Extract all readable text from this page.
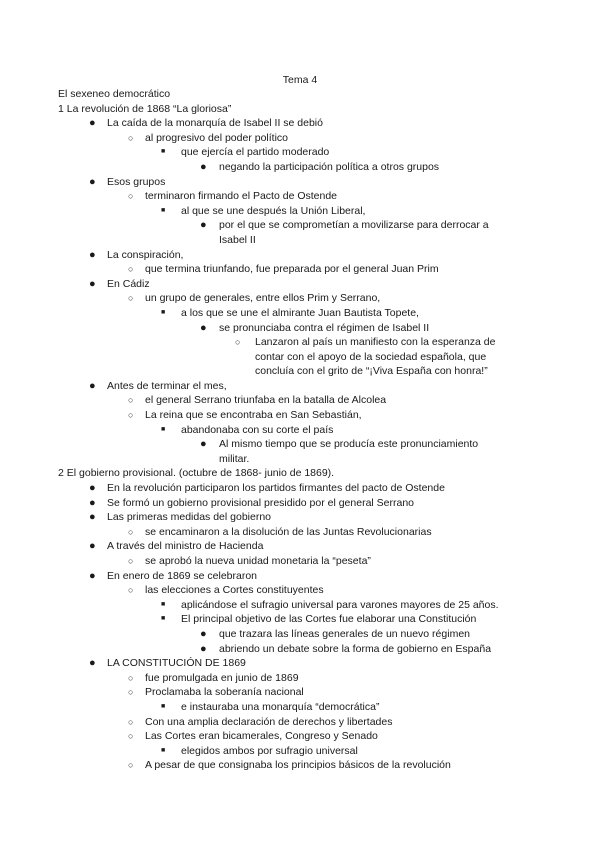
Tema 4
El sexeneo democrático
1 La revolución de 1868 “La gloriosa”
● La caída de la monarquía de Isabel II se debió
○ al progresivo del poder político
■ que ejercía el partido moderado
● negando la participación política a otros grupos
● Esos grupos
○ terminaron firmando el Pacto de Ostende
■ al que se une después la Unión Liberal,
● por el que se comprometían a movilizarse para derrocar a
Isabel II
● La conspiración,
○ que termina triunfando, fue preparada por el general Juan Prim
● En Cádiz
○ un grupo de generales, entre ellos Prim y Serrano,
■ a los que se une el almirante Juan Bautista Topete,
● se pronunciaba contra el régimen de Isabel II
○ Lanzaron al país un manifiesto con la esperanza de
contar con el apoyo de la sociedad española, que
concluía con el grito de “¡Viva España con honra!”
● Antes de terminar el mes,
○ el general Serrano triunfaba en la batalla de Alcolea
○ La reina que se encontraba en San Sebastián,
■ abandonaba con su corte el país
● Al mismo tiempo que se producía este pronunciamiento
militar.
2 El gobierno provisional. (octubre de 1868- junio de 1869).
● En la revolución participaron los partidos firmantes del pacto de Ostende
● Se formó un gobierno provisional presidido por el general Serrano
● Las primeras medidas del gobierno
○ se encaminaron a la disolución de las Juntas Revolucionarias
● A través del ministro de Hacienda
○ se aprobó la nueva unidad monetaria la “peseta”
● En enero de 1869 se celebraron
○ las elecciones a Cortes constituyentes
■ aplicándose el sufragio universal para varones mayores de 25 años.
■ El principal objetivo de las Cortes fue elaborar una Constitución
● que trazara las líneas generales de un nuevo régimen
● abriendo un debate sobre la forma de gobierno en España
● LA CONSTITUCIÓN DE 1869
○ fue promulgada en junio de 1869
○ Proclamaba la soberanía nacional
■ e instauraba una monarquía “democrática”
○ Con una amplia declaración de derechos y libertades
○ Las Cortes eran bicamerales, Congreso y Senado
■ elegidos ambos por sufragio universal
○ A pesar de que consignaba los principios básicos de la revolución
